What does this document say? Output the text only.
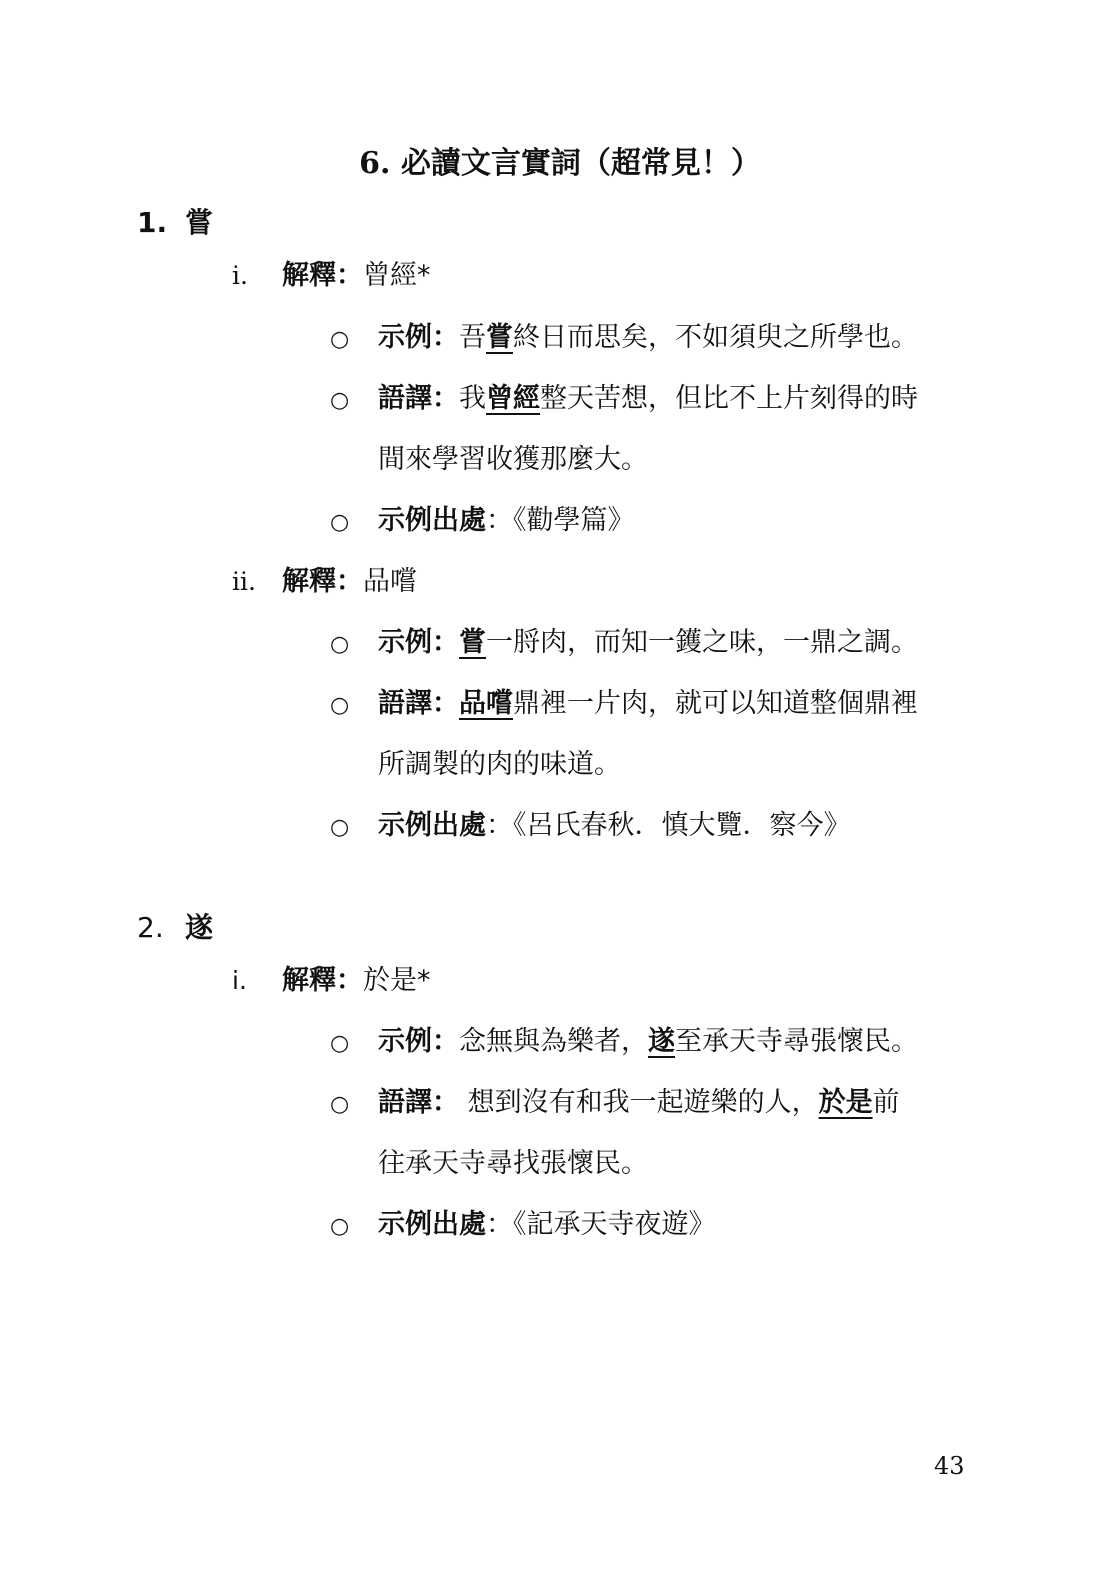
6. 必讀文言實詞（超常見！）
1. 嘗
i. 解釋：曾經*
○ 示例：吾嘗終日而思矣，不如須臾之所學也。
○ 語譯：我曾經整天苦想，但比不上片刻得的時
間來學習收獲那麼大。
○ 示例出處：《勸學篇》
ii. 解釋：品嚐
○ 示例：嘗一脟肉，而知一鑊之味，一鼎之調。
○ 語譯：品嚐鼎裡一片肉，就可以知道整個鼎裡
所調製的肉的味道。
○ 示例出處：《呂氏春秋．慎大覽．察今》
2. 遂
i. 解釋：於是*
○ 示例：念無與為樂者，遂至承天寺尋張懷民。
○ 語譯： 想到沒有和我一起遊樂的人，於是前
往承天寺尋找張懷民。
○ 示例出處：《記承天寺夜遊》
43
